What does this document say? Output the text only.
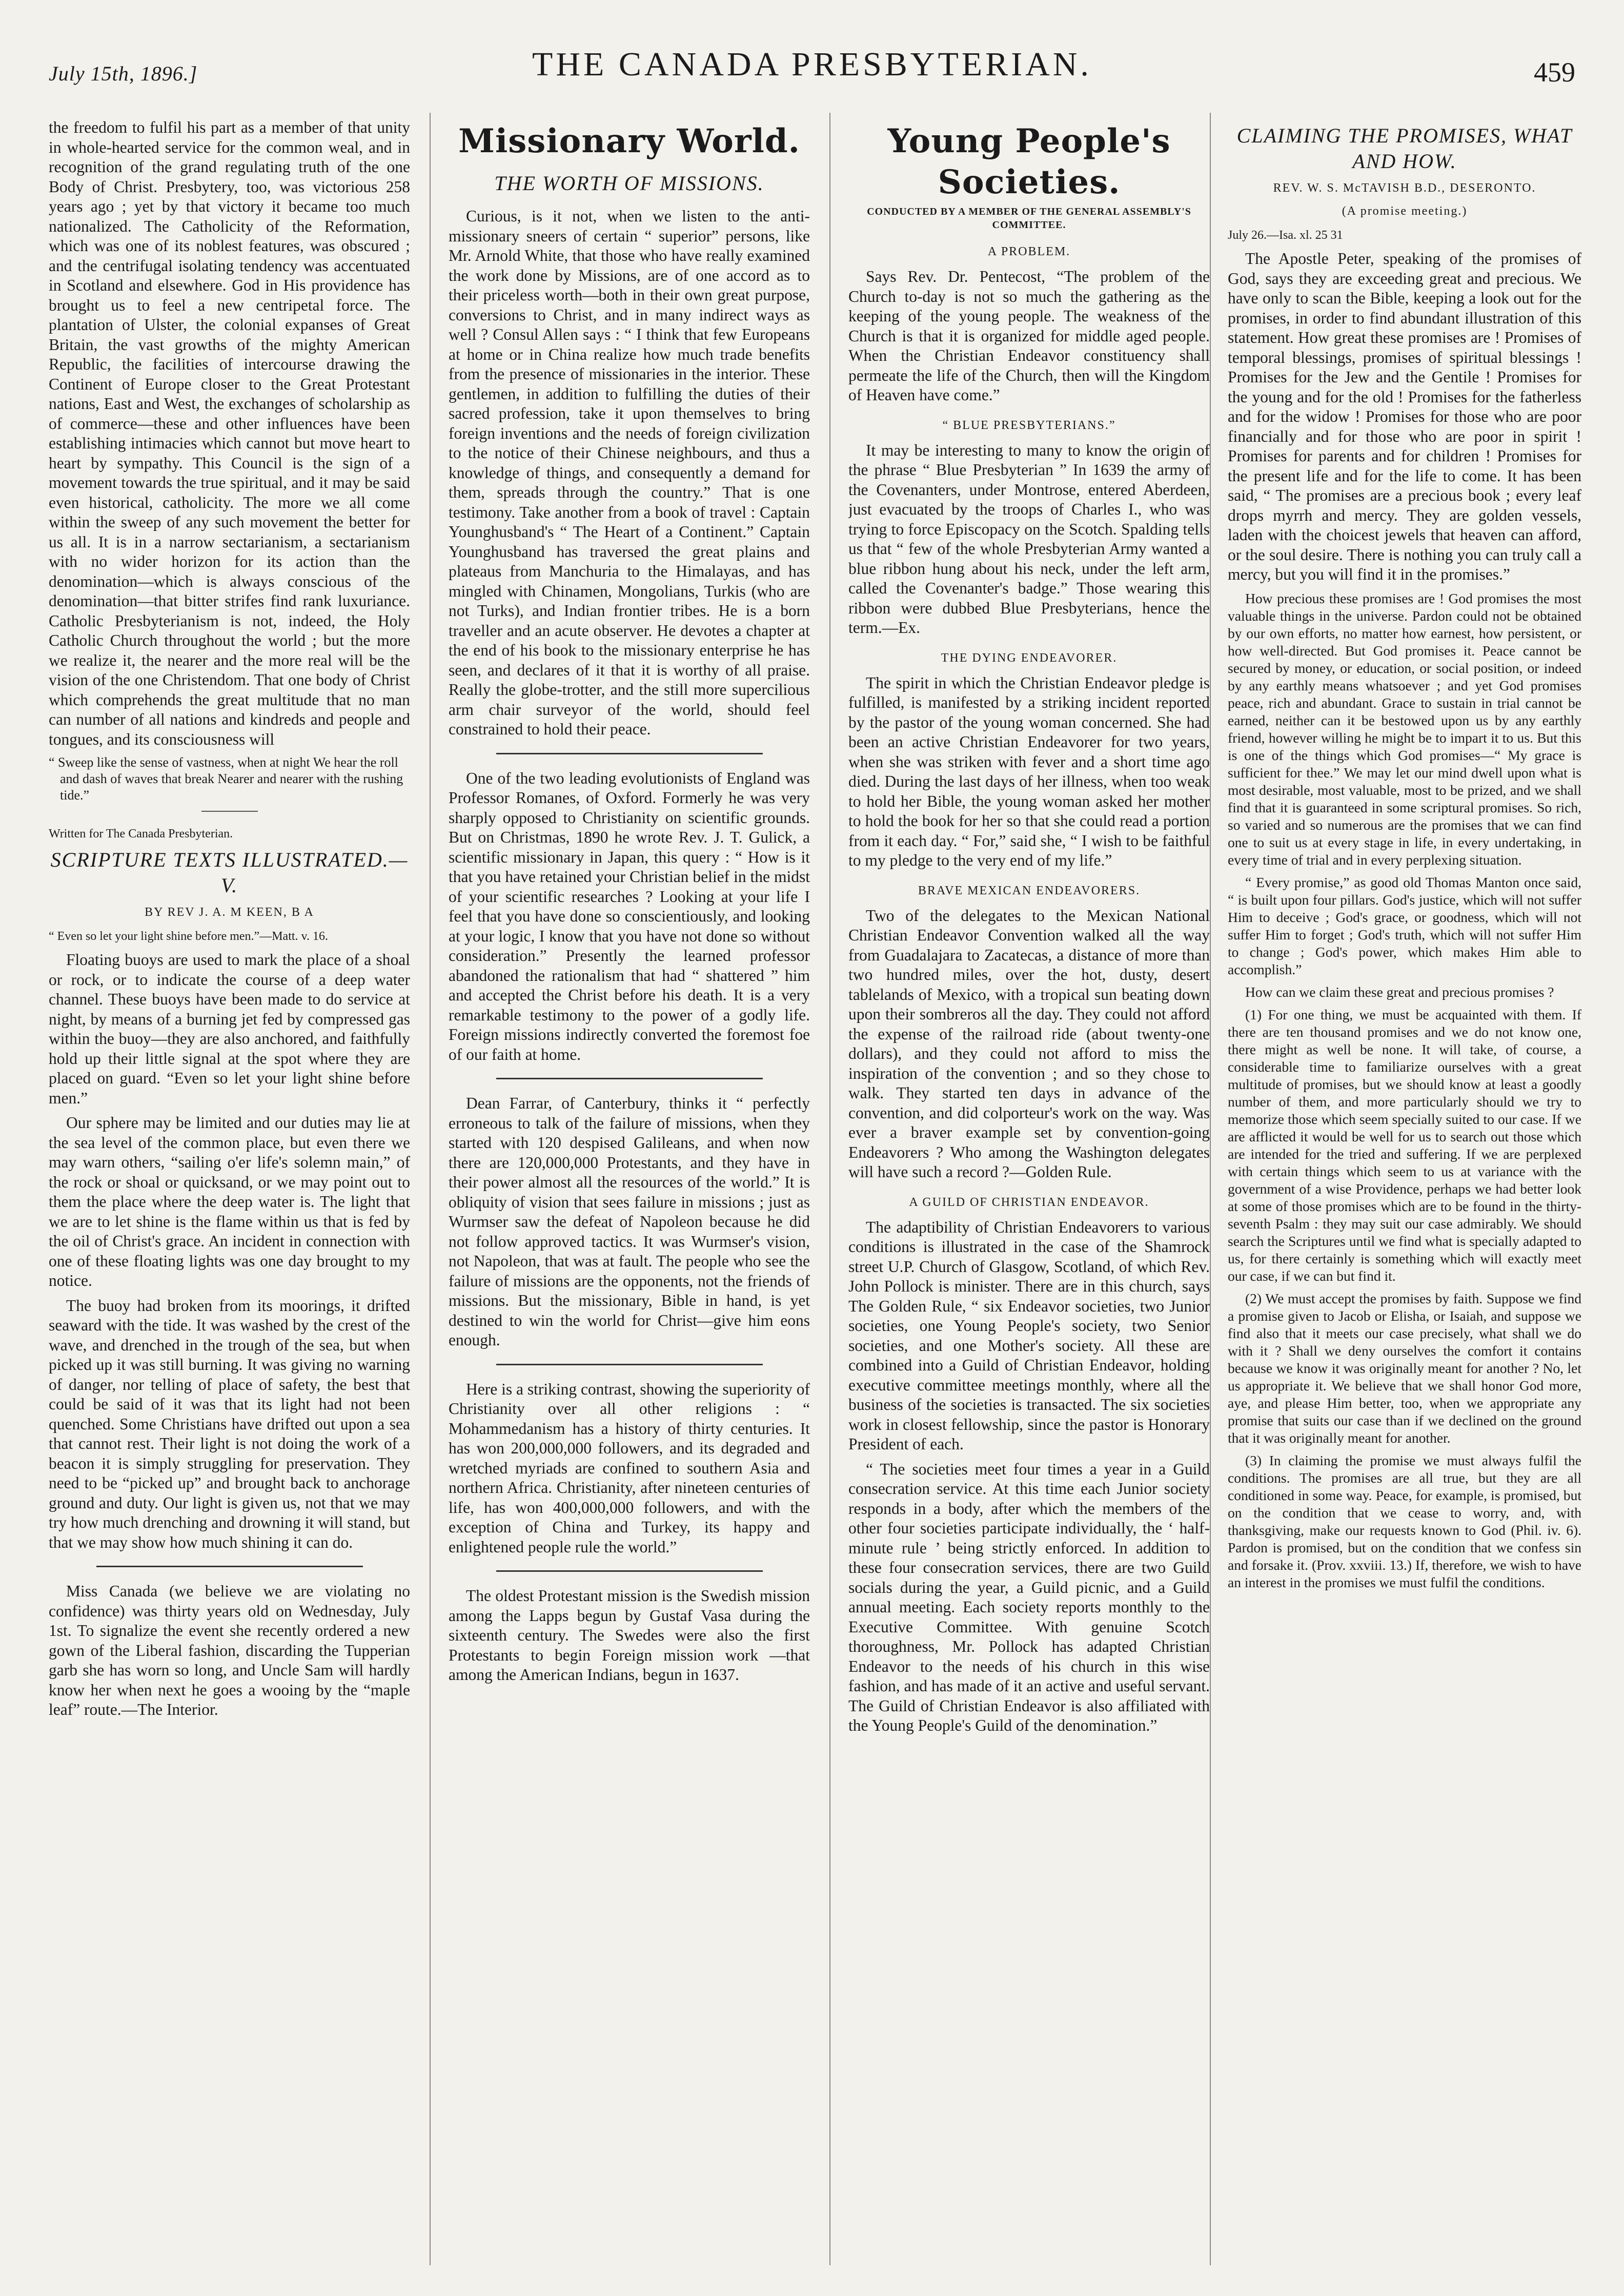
July 15th, 1896.]	THE CANADA PRESBYTERIAN.	459

the freedom to fulfil his part as a member of that unity in whole-hearted service for the common weal, and in recognition of the grand regulating truth of the one Body of Christ. Presbytery, too, was victorious 258 years ago ; yet by that victory it became too much nationalized. The Catholicity of the Reformation, which was one of its noblest features, was obscured ; and the centrifugal isolating tendency was accentuated in Scotland and elsewhere. God in His providence has brought us to feel a new centripetal force. The plantation of Ulster, the colonial expanses of Great Britain, the vast growths of the mighty American Republic, the facilities of intercourse drawing the Continent of Europe closer to the Great Protestant nations, East and West, the exchanges of scholarship as of commerce—these and other influences have been establishing intimacies which cannot but move heart to heart by sympathy. This Council is the sign of a movement towards the true spiritual, and it may be said even historical, catholicity. The more we all come within the sweep of any such movement the better for us all. It is in a narrow sectarianism, a sectarianism with no wider horizon for its action than the denomination—which is always conscious of the denomination—that bitter strifes find rank luxuriance. Catholic Presbyterianism is not, indeed, the Holy Catholic Church throughout the world ; but the more we realize it, the nearer and the more real will be the vision of the one Christendom. That one body of Christ which comprehends the great multitude that no man can number of all nations and kindreds and people and tongues, and its consciousness will

“ Sweep like the sense of vastness, when at night We hear the roll and dash of waves that break Nearer and nearer with the rushing tide.”
Written for The Canada Presbyterian.
SCRIPTURE TEXTS ILLUSTRATED.—V.
BY REV J. A. M KEEN, B A
“ Even so let your light shine before men.”—Matt. v. 16.

Floating buoys are used to mark the place of a shoal or rock, or to indicate the course of a deep water channel. These buoys have been made to do service at night, by means of a burning jet fed by compressed gas within the buoy—they are also anchored, and faithfully hold up their little signal at the spot where they are placed on guard. “Even so let your light shine before men.”

Our sphere may be limited and our duties may lie at the sea level of the common place, but even there we may warn others, “sailing o'er life's solemn main,” of the rock or shoal or quicksand, or we may point out to them the place where the deep water is. The light that we are to let shine is the flame within us that is fed by the oil of Christ's grace. An incident in connection with one of these floating lights was one day brought to my notice.

The buoy had broken from its moorings, it drifted seaward with the tide. It was washed by the crest of the wave, and drenched in the trough of the sea, but when picked up it was still burning. It was giving no warning of danger, nor telling of place of safety, the best that could be said of it was that its light had not been quenched. Some Christians have drifted out upon a sea that cannot rest. Their light is not doing the work of a beacon it is simply struggling for preservation. They need to be “picked up” and brought back to anchorage ground and duty. Our light is given us, not that we may try how much drenching and drowning it will stand, but that we may show how much shining it can do.

Miss Canada (we believe we are violating no confidence) was thirty years old on Wednesday, July 1st. To signalize the event she recently ordered a new gown of the Liberal fashion, discarding the Tupperian garb she has worn so long, and Uncle Sam will hardly know her when next he goes a wooing by the “maple leaf” route.—The Interior.

Missionary World.
THE WORTH OF MISSIONS.

Curious, is it not, when we listen to the anti-missionary sneers of certain “ superior” persons, like Mr. Arnold White, that those who have really examined the work done by Missions, are of one accord as to their priceless worth—both in their own great purpose, conversions to Christ, and in many indirect ways as well ? Consul Allen says : “ I think that few Europeans at home or in China realize how much trade benefits from the presence of missionaries in the interior. These gentlemen, in addition to fulfilling the duties of their sacred profession, take it upon themselves to bring foreign inventions and the needs of foreign civilization to the notice of their Chinese neighbours, and thus a knowledge of things, and consequently a demand for them, spreads through the country.” That is one testimony. Take another from a book of travel : Captain Younghusband's “ The Heart of a Continent.” Captain Younghusband has traversed the great plains and plateaus from Manchuria to the Himalayas, and has mingled with Chinamen, Mongolians, Turkis (who are not Turks), and Indian frontier tribes. He is a born traveller and an acute observer. He devotes a chapter at the end of his book to the missionary enterprise he has seen, and declares of it that it is worthy of all praise. Really the globe-trotter, and the still more supercilious arm chair surveyor of the world, should feel constrained to hold their peace.

One of the two leading evolutionists of England was Professor Romanes, of Oxford. Formerly he was very sharply opposed to Christianity on scientific grounds. But on Christmas, 1890 he wrote Rev. J. T. Gulick, a scientific missionary in Japan, this query : “ How is it that you have retained your Christian belief in the midst of your scientific researches ? Looking at your life I feel that you have done so conscientiously, and looking at your logic, I know that you have not done so without consideration.” Presently the learned professor abandoned the rationalism that had “ shattered ” him and accepted the Christ before his death. It is a very remarkable testimony to the power of a godly life. Foreign missions indirectly converted the foremost foe of our faith at home.

Dean Farrar, of Canterbury, thinks it “ perfectly erroneous to talk of the failure of missions, when they started with 120 despised Galileans, and when now there are 120,000,000 Protestants, and they have in their power almost all the resources of the world.” It is obliquity of vision that sees failure in missions ; just as Wurmser saw the defeat of Napoleon because he did not follow approved tactics. It was Wurmser's vision, not Napoleon, that was at fault. The people who see the failure of missions are the opponents, not the friends of missions. But the missionary, Bible in hand, is yet destined to win the world for Christ—give him eons enough.

Here is a striking contrast, showing the superiority of Christianity over all other religions : “ Mohammedanism has a history of thirty centuries. It has won 200,000,000 followers, and its degraded and wretched myriads are confined to southern Asia and northern Africa. Christianity, after nineteen centuries of life, has won 400,000,000 followers, and with the exception of China and Turkey, its happy and enlightened people rule the world.”

The oldest Protestant mission is the Swedish mission among the Lapps begun by Gustaf Vasa during the sixteenth century. The Swedes were also the first Protestants to begin Foreign mission work —that among the American Indians, begun in 1637.

Young People's Societies.
CONDUCTED BY A MEMBER OF THE GENERAL ASSEMBLY'S COMMITTEE.
A PROBLEM.

Says Rev. Dr. Pentecost, “The problem of the Church to-day is not so much the gathering as the keeping of the young people. The weakness of the Church is that it is organized for middle aged people. When the Christian Endeavor constituency shall permeate the life of the Church, then will the Kingdom of Heaven have come.”

“ BLUE PRESBYTERIANS.”

It may be interesting to many to know the origin of the phrase “ Blue Presbyterian ” In 1639 the army of the Covenanters, under Montrose, entered Aberdeen, just evacuated by the troops of Charles I., who was trying to force Episcopacy on the Scotch. Spalding tells us that “ few of the whole Presbyterian Army wanted a blue ribbon hung about his neck, under the left arm, called the Covenanter's badge.” Those wearing this ribbon were dubbed Blue Presbyterians, hence the term.—Ex.

THE DYING ENDEAVORER.

The spirit in which the Christian Endeavor pledge is fulfilled, is manifested by a striking incident reported by the pastor of the young woman concerned. She had been an active Christian Endeavorer for two years, when she was striken with fever and a short time ago died. During the last days of her illness, when too weak to hold her Bible, the young woman asked her mother to hold the book for her so that she could read a portion from it each day. “ For,” said she, “ I wish to be faithful to my pledge to the very end of my life.”

BRAVE MEXICAN ENDEAVORERS.

Two of the delegates to the Mexican National Christian Endeavor Convention walked all the way from Guadalajara to Zacatecas, a distance of more than two hundred miles, over the hot, dusty, desert tablelands of Mexico, with a tropical sun beating down upon their sombreros all the day. They could not afford the expense of the railroad ride (about twenty-one dollars), and they could not afford to miss the inspiration of the convention ; and so they chose to walk. They started ten days in advance of the convention, and did colporteur's work on the way. Was ever a braver example set by convention-going Endeavorers ? Who among the Washington delegates will have such a record ?—Golden Rule.

A GUILD OF CHRISTIAN ENDEAVOR.

The adaptibility of Christian Endeavorers to various conditions is illustrated in the case of the Shamrock street U.P. Church of Glasgow, Scotland, of which Rev. John Pollock is minister. There are in this church, says The Golden Rule, “ six Endeavor societies, two Junior societies, one Young People's society, two Senior societies, and one Mother's society. All these are combined into a Guild of Christian Endeavor, holding executive committee meetings monthly, where all the business of the societies is transacted. The six societies work in closest fellowship, since the pastor is Honorary President of each.

“ The societies meet four times a year in a Guild consecration service. At this time each Junior society responds in a body, after which the members of the other four societies participate individually, the ‘ half-minute rule ’ being strictly enforced. In addition to these four consecration services, there are two Guild socials during the year, a Guild picnic, and a Guild annual meeting. Each society reports monthly to the Executive Committee. With genuine Scotch thoroughness, Mr. Pollock has adapted Christian Endeavor to the needs of his church in this wise fashion, and has made of it an active and useful servant. The Guild of Christian Endeavor is also affiliated with the Young People's Guild of the denomination.”

CLAIMING THE PROMISES, WHAT AND HOW.
REV. W. S. McTAVISH B.D., DESERONTO.
(A promise meeting.)
July 26.—Isa. xl. 25 31

The Apostle Peter, speaking of the promises of God, says they are exceeding great and precious. We have only to scan the Bible, keeping a look out for the promises, in order to find abundant illustration of this statement. How great these promises are ! Promises of temporal blessings, promises of spiritual blessings ! Promises for the Jew and the Gentile ! Promises for the young and for the old ! Promises for the fatherless and for the widow ! Promises for those who are poor financially and for those who are poor in spirit ! Promises for parents and for children ! Promises for the present life and for the life to come. It has been said, “ The promises are a precious book ; every leaf drops myrrh and mercy. They are golden vessels, laden with the choicest jewels that heaven can afford, or the soul desire. There is nothing you can truly call a mercy, but you will find it in the promises.”

How precious these promises are ! God promises the most valuable things in the universe. Pardon could not be obtained by our own efforts, no matter how earnest, how persistent, or how well-directed. But God promises it. Peace cannot be secured by money, or education, or social position, or indeed by any earthly means whatsoever ; and yet God promises peace, rich and abundant. Grace to sustain in trial cannot be earned, neither can it be bestowed upon us by any earthly friend, however willing he might be to impart it to us. But this is one of the things which God promises—“ My grace is sufficient for thee.” We may let our mind dwell upon what is most desirable, most valuable, most to be prized, and we shall find that it is guaranteed in some scriptural promises. So rich, so varied and so numerous are the promises that we can find one to suit us at every stage in life, in every undertaking, in every time of trial and in every perplexing situation.

“ Every promise,” as good old Thomas Manton once said, “ is built upon four pillars. God's justice, which will not suffer Him to deceive ; God's grace, or goodness, which will not suffer Him to forget ; God's truth, which will not suffer Him to change ; God's power, which makes Him able to accomplish.”

How can we claim these great and precious promises ?

(1) For one thing, we must be acquainted with them. If there are ten thousand promises and we do not know one, there might as well be none. It will take, of course, a considerable time to familiarize ourselves with a great multitude of promises, but we should know at least a goodly number of them, and more particularly should we try to memorize those which seem specially suited to our case. If we are afflicted it would be well for us to search out those which are intended for the tried and suffering. If we are perplexed with certain things which seem to us at variance with the government of a wise Providence, perhaps we had better look at some of those promises which are to be found in the thirty-seventh Psalm : they may suit our case admirably. We should search the Scriptures until we find what is specially adapted to us, for there certainly is something which will exactly meet our case, if we can but find it.

(2) We must accept the promises by faith. Suppose we find a promise given to Jacob or Elisha, or Isaiah, and suppose we find also that it meets our case precisely, what shall we do with it ? Shall we deny ourselves the comfort it contains because we know it was originally meant for another ? No, let us appropriate it. We believe that we shall honor God more, aye, and please Him better, too, when we appropriate any promise that suits our case than if we declined on the ground that it was originally meant for another.

(3) In claiming the promise we must always fulfil the conditions. The promises are all true, but they are all conditioned in some way. Peace, for example, is promised, but on the condition that we cease to worry, and, with thanksgiving, make our requests known to God (Phil. iv. 6). Pardon is promised, but on the condition that we confess sin and forsake it. (Prov. xxviii. 13.) If, therefore, we wish to have an interest in the promises we must fulfil the conditions.
